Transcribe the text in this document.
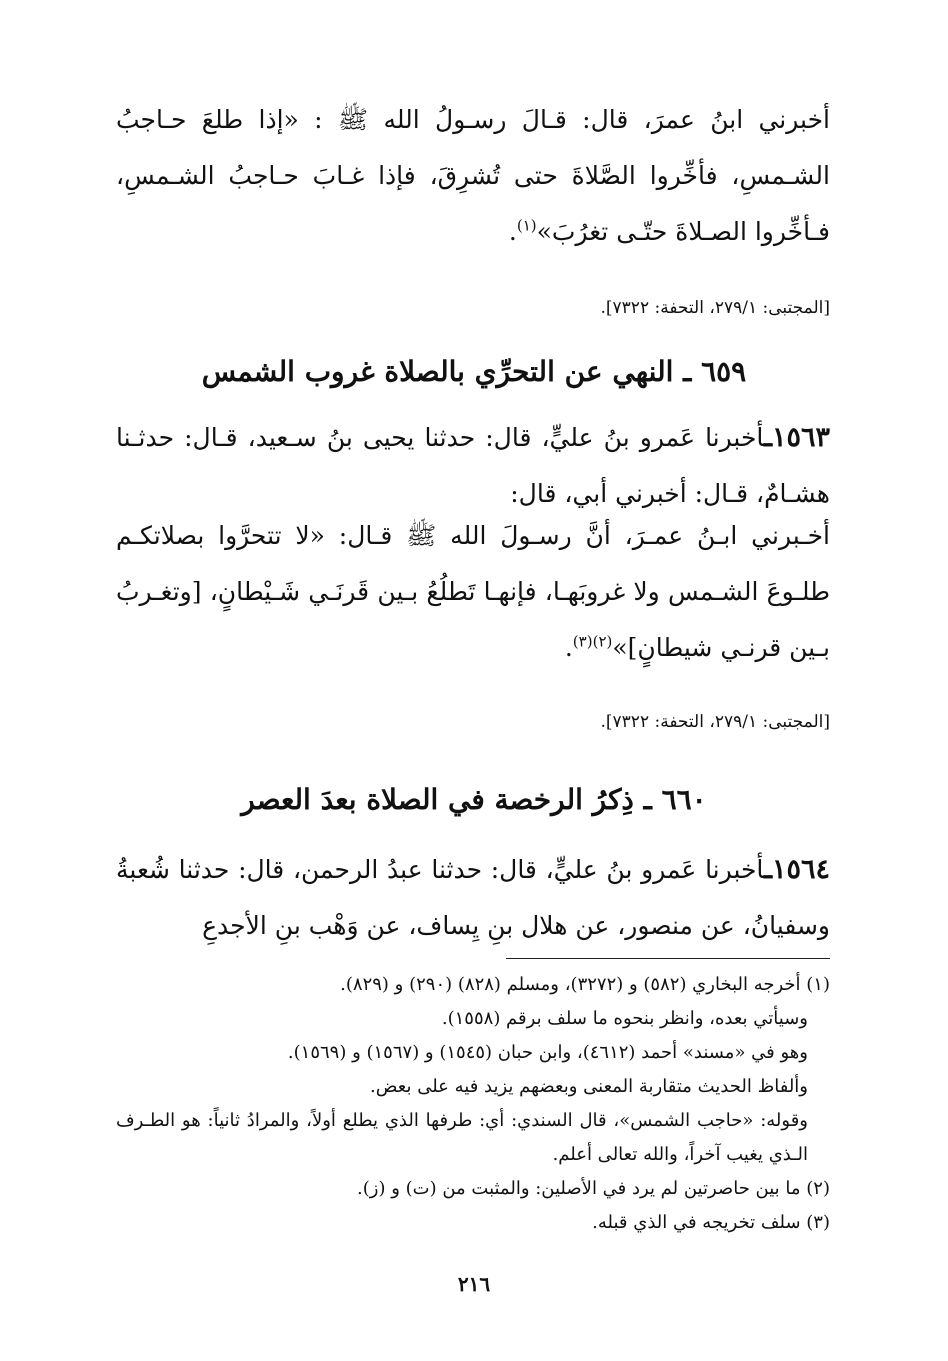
أخبرني ابنُ عمرَ، قال: قـالَ رسـولُ الله ﷺ : «إذا طلعَ حـاجبُ الشـمسِ، فأخِّروا الصَّلاةَ حتى تُشرِقَ، فإذا غـابَ حـاجبُ الشـمسِ، فـأخِّروا الصـلاةَ حتّـى تغرُبَ»$^{(١)}$.
[المجتبى: ٢٧٩/١، التحفة: ٧٣٢٢].
٦٥٩ ـ النهي عن التحرِّي بالصلاة غروب الشمس
١٥٦٣ـأخبرنا عَمرو بنُ عليٍّ، قال: حدثنا يحيى بنُ سـعيد، قـال: حدثـنا هشـامٌ، قـال: أخبرني أبي، قال:
أخـبرني ابـنُ عمـرَ، أنَّ رسـولَ الله ﷺ قـال: «لا تتحرَّوا بصلاتكـم طلـوعَ الشـمس ولا غروبَهـا، فإنهـا تَطلُعُ بـين قَرنَـي شَـيْطانٍ، [وتغـربُ بـين قرنـي شيطانٍ]»$^{(٢)(٣)}$.
[المجتبى: ٢٧٩/١، التحفة: ٧٣٢٢].
٦٦٠ ـ ذِكرُ الرخصة في الصلاة بعدَ العصر
١٥٦٤ـأخبرنا عَمرو بنُ عليٍّ، قال: حدثنا عبدُ الرحمن، قال: حدثنا شُعبةُ وسفيانُ، عن منصور، عن هلال بنِ يِساف، عن وَهْب بنِ الأجدعِ

(١) أخرجه البخاري (٥٨٢) و (٣٢٧٢)، ومسلم (٨٢٨) (٢٩٠) و (٨٢٩).

وسيأتي بعده، وانظر بنحوه ما سلف برقم (١٥٥٨).

وهو في «مسند» أحمد (٤٦١٢)، وابن حبان (١٥٤٥) و (١٥٦٧) و (١٥٦٩).

وألفاظ الحديث متقاربة المعنى وبعضهم يزيد فيه على بعض.

وقوله: «حاجب الشمس»، قال السندي: أي: طرفها الذي يطلع أولاً، والمرادُ ثانياً: هو الطـرف الـذي يغيب آخراً، والله تعالى أعلم.

(٢) ما بين حاصرتين لم يرد في الأصلين: والمثبت من (ت) و (ز).

(٣) سلف تخريجه في الذي قبله.

٢١٦
